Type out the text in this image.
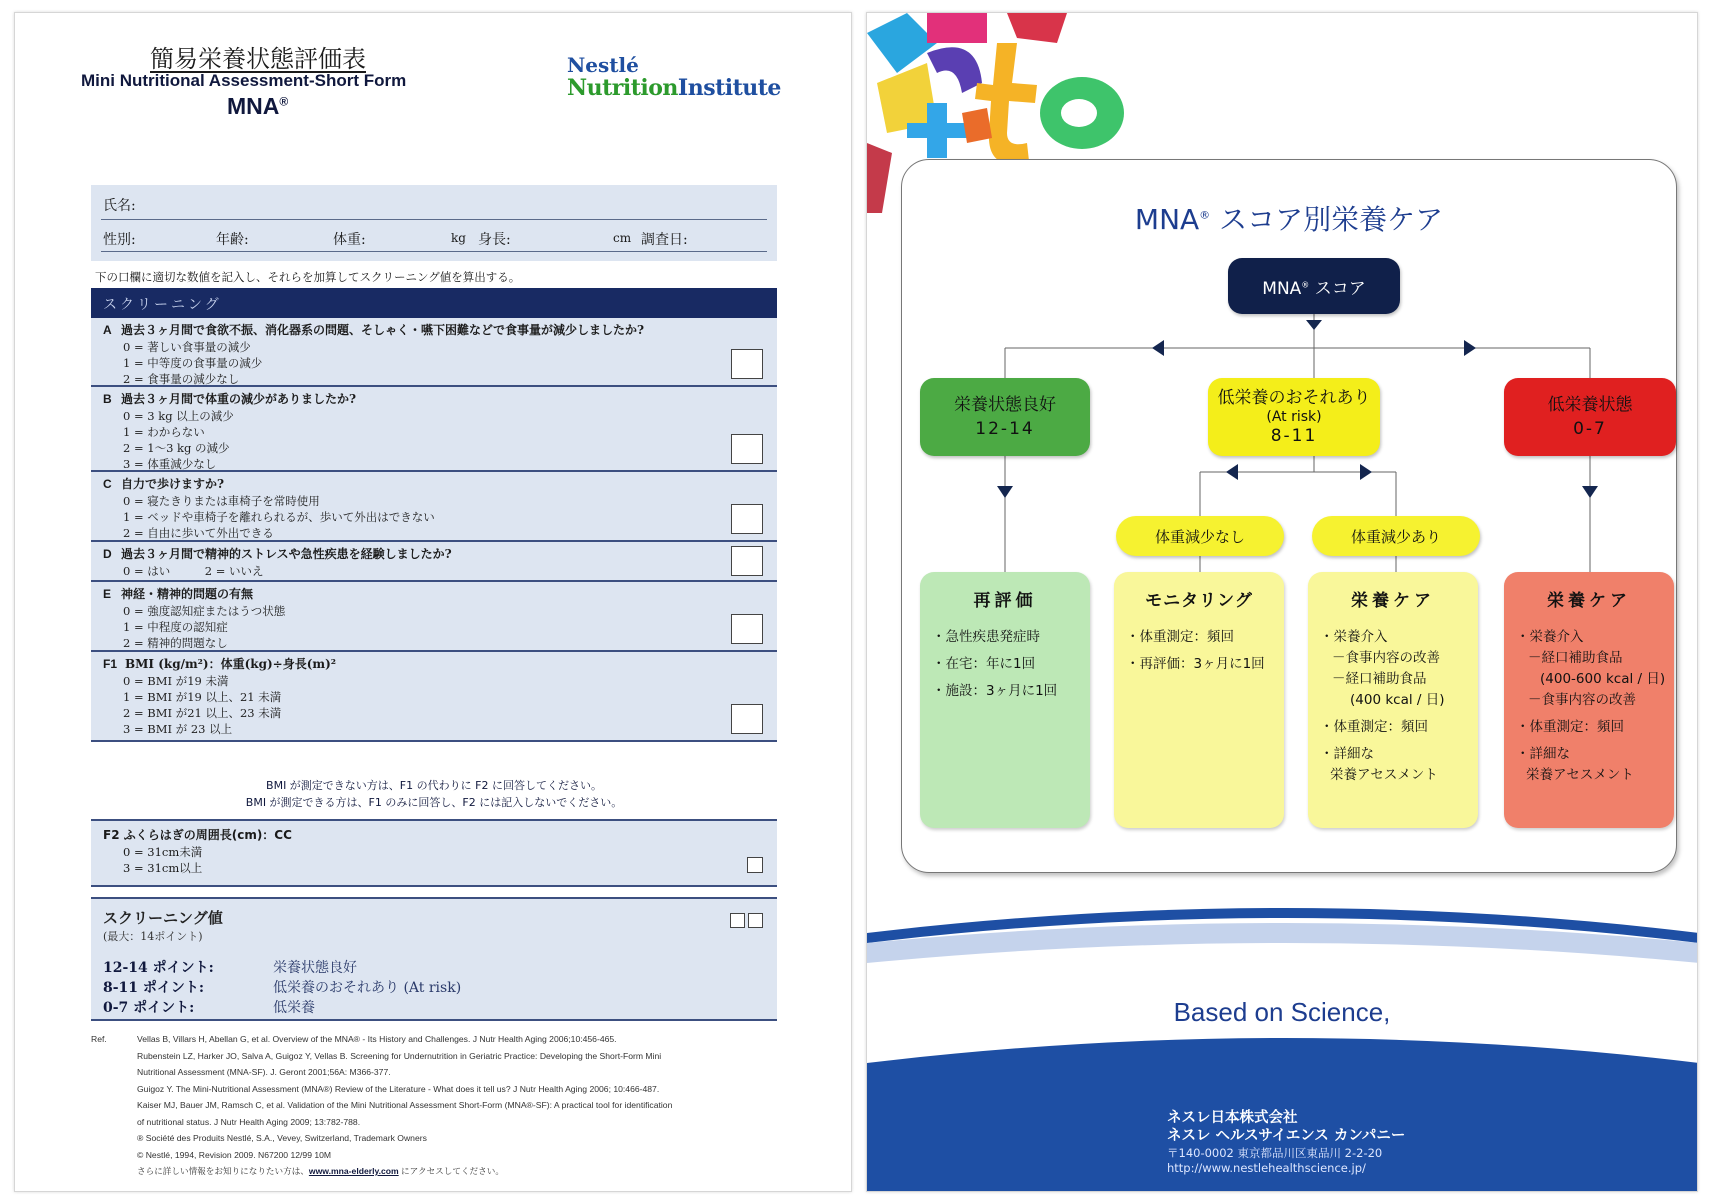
簡易栄養状態評価表
Mini Nutritional Assessment-Short Form
MNA®
Nestlé
NutritionInstitute
氏名:
性別:	年齢:	体重:	kg 身長:	cm 調査日:
下の口欄に適切な数値を記入し、それらを加算してスクリーニング値を算出する。
スクリーニング
A 過去３ヶ月間で食欲不振、消化器系の問題、そしゃく・嚥下困難などで食事量が減少しましたか?
0 = 著しい食事量の減少
1 = 中等度の食事量の減少
2 = 食事量の減少なし
B 過去３ヶ月間で体重の減少がありましたか?
0 = 3 kg 以上の減少
1 = わからない
2 = 1〜3 kg の減少
3 = 体重減少なし
C 自力で歩けますか?
0 = 寝たきりまたは車椅子を常時使用
1 = ベッドや車椅子を離れられるが、歩いて外出はできない
2 = 自由に歩いて外出できる
D 過去３ヶ月間で精神的ストレスや急性疾患を経験しましたか?
0 = はい　　　2 = いいえ
E 神経・精神的問題の有無
0 = 強度認知症またはうつ状態
1 = 中程度の認知症
2 = 精神的問題なし
F1 BMI (kg/m²)：体重(kg)÷身長(m)²
0 = BMI が19 未満
1 = BMI が19 以上、21 未満
2 = BMI が21 以上、23 未満
3 = BMI が 23 以上
BMI が測定できない方は、F1 の代わりに F2 に回答してください。
BMI が測定できる方は、F1 のみに回答し、F2 には記入しないでください。
F2 ふくらはぎの周囲長(cm)：CC
0 = 31cm未満
3 = 31cm以上
スクリーニング値
(最大：14ポイント)
12-14 ポイント:	栄養状態良好
8-11 ポイント:	低栄養のおそれあり (At risk)
0-7 ポイント:	低栄養
Ref.	Vellas B, Villars H, Abellan G, et al. Overview of the MNA® - Its History and Challenges. J Nutr Health Aging 2006;10:456-465.
Rubenstein LZ, Harker JO, Salva A, Guigoz Y, Vellas B. Screening for Undernutrition in Geriatric Practice: Developing the Short-Form Mini
Nutritional Assessment (MNA-SF). J. Geront 2001;56A: M366-377.
Guigoz Y. The Mini-Nutritional Assessment (MNA®) Review of the Literature - What does it tell us? J Nutr Health Aging 2006; 10:466-487.
Kaiser MJ, Bauer JM, Ramsch C, et al. Validation of the Mini Nutritional Assessment Short-Form (MNA®-SF): A practical tool for identification
of nutritional status. J Nutr Health Aging 2009; 13:782-788.
® Société des Produits Nestlé, S.A., Vevey, Switzerland, Trademark Owners
© Nestlé, 1994, Revision 2009. N67200 12/99 10M
さらに詳しい情報をお知りになりたい方は、www.mna-elderly.com にアクセスしてください。
MNA® スコア別栄養ケア
MNA® スコア
栄養状態良好
12-14
低栄養のおそれあり
(At risk)
8-11
低栄養状態
0-7
体重減少なし	体重減少あり
再評価
・急性疾患発症時
・在宅：年に1回
・施設：3ヶ月に1回
モニタリング
・体重測定：頻回
・再評価：3ヶ月に1回
栄養ケア
・栄養介入
－食事内容の改善
－経口補助食品
(400 kcal / 日)
・体重測定：頻回
・詳細な
栄養アセスメント
栄養ケア
・栄養介入
－経口補助食品
(400-600 kcal / 日)
－食事内容の改善
・体重測定：頻回
・詳細な
栄養アセスメント
Based on Science,
ネスレ日本株式会社
ネスレ ヘルスサイエンス カンパニー
〒140-0002 東京都品川区東品川 2-2-20
http://www.nestlehealthscience.jp/
